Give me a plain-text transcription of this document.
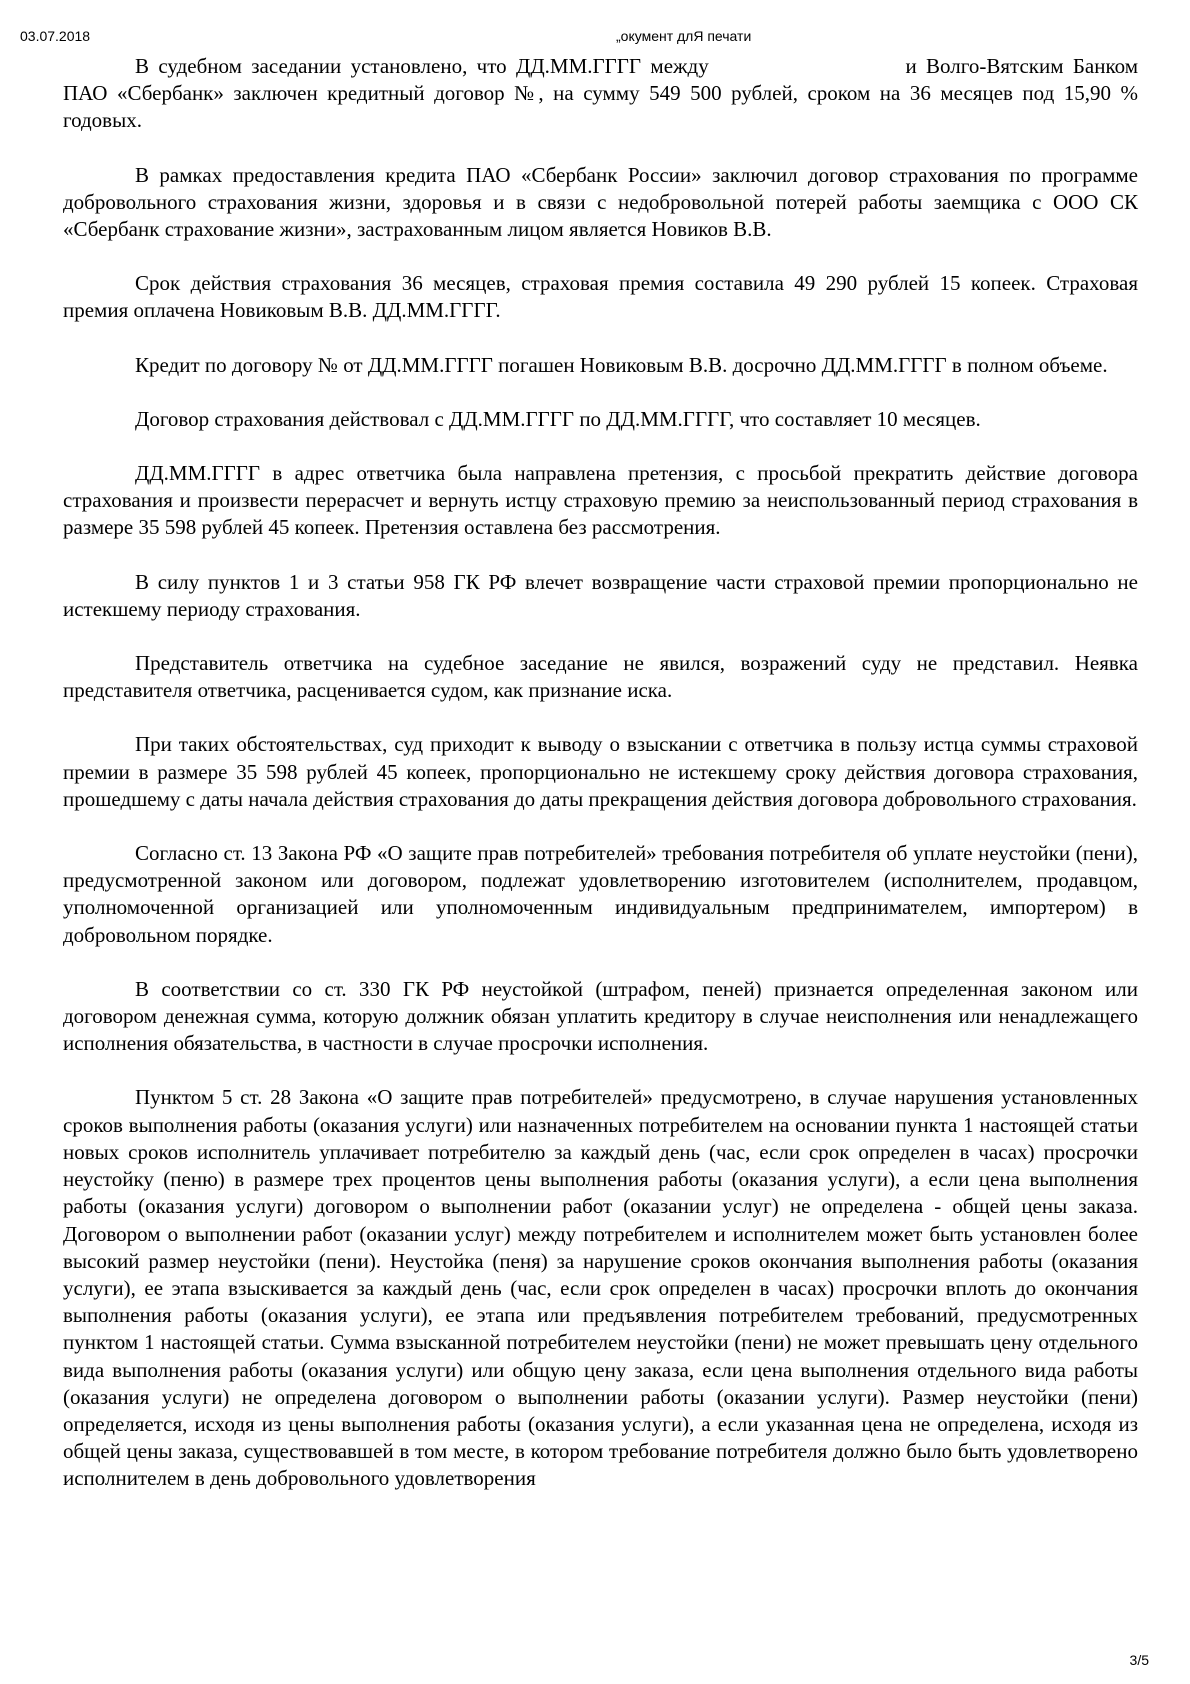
03.07.2018	„окумент длЯ печати

В судебном заседании установлено, что ДД.ММ.ГГГГ между	и Волго-Вятским Банком ПАО «Сбербанк» заключен кредитный договор №, на сумму 549 500 рублей, сроком на 36 месяцев под 15,90 % годовых.

В рамках предоставления кредита ПАО «Сбербанк России» заключил договор страхования по программе добровольного страхования жизни, здоровья и в связи с недобровольной потерей работы заемщика с ООО СК «Сбербанк страхование жизни», застрахованным лицом является Новиков В.В.

Срок действия страхования 36 месяцев, страховая премия составила 49 290 рублей 15 копеек. Страховая премия оплачена Новиковым В.В. ДД.ММ.ГГГГ.

Кредит по договору № от ДД.ММ.ГГГГ погашен Новиковым В.В. досрочно ДД.ММ.ГГГГ в полном объеме.

Договор страхования действовал с ДД.ММ.ГГГГ по ДД.ММ.ГГГГ, что составляет 10 месяцев.

ДД.ММ.ГГГГ в адрес ответчика была направлена претензия, с просьбой прекратить действие договора страхования и произвести перерасчет и вернуть истцу страховую премию за неиспользованный период страхования в размере 35 598 рублей 45 копеек. Претензия оставлена без рассмотрения.

В силу пунктов 1 и 3 статьи 958 ГК РФ влечет возвращение части страховой премии пропорционально не истекшему периоду страхования.

Представитель ответчика на судебное заседание не явился, возражений суду не представил. Неявка представителя ответчика, расценивается судом, как признание иска.

При таких обстоятельствах, суд приходит к выводу о взыскании с ответчика в пользу истца суммы страховой премии в размере 35 598 рублей 45 копеек, пропорционально не истекшему сроку действия договора страхования, прошедшему с даты начала действия страхования до даты прекращения действия договора добровольного страхования.

Согласно ст. 13 Закона РФ «О защите прав потребителей» требования потребителя об уплате неустойки (пени), предусмотренной законом или договором, подлежат удовлетворению изготовителем (исполнителем, продавцом, уполномоченной организацией или уполномоченным индивидуальным предпринимателем, импортером) в добровольном порядке.

В соответствии со ст. 330 ГК РФ неустойкой (штрафом, пеней) признается определенная законом или договором денежная сумма, которую должник обязан уплатить кредитору в случае неисполнения или ненадлежащего исполнения обязательства, в частности в случае просрочки исполнения.

Пунктом 5 ст. 28 Закона «О защите прав потребителей» предусмотрено, в случае нарушения установленных сроков выполнения работы (оказания услуги) или назначенных потребителем на основании пункта 1 настоящей статьи новых сроков исполнитель уплачивает потребителю за каждый день (час, если срок определен в часах) просрочки неустойку (пеню) в размере трех процентов цены выполнения работы (оказания услуги), а если цена выполнения работы (оказания услуги) договором о выполнении работ (оказании услуг) не определена - общей цены заказа. Договором о выполнении работ (оказании услуг) между потребителем и исполнителем может быть установлен более высокий размер неустойки (пени). Неустойка (пеня) за нарушение сроков окончания выполнения работы (оказания услуги), ее этапа взыскивается за каждый день (час, если срок определен в часах) просрочки вплоть до окончания выполнения работы (оказания услуги), ее этапа или предъявления потребителем требований, предусмотренных пунктом 1 настоящей статьи. Сумма взысканной потребителем неустойки (пени) не может превышать цену отдельного вида выполнения работы (оказания услуги) или общую цену заказа, если цена выполнения отдельного вида работы (оказания услуги) не определена договором о выполнении работы (оказании услуги). Размер неустойки (пени) определяется, исходя из цены выполнения работы (оказания услуги), а если указанная цена не определена, исходя из общей цены заказа, существовавшей в том месте, в котором требование потребителя должно было быть удовлетворено исполнителем в день добровольного удовлетворения

3/5
